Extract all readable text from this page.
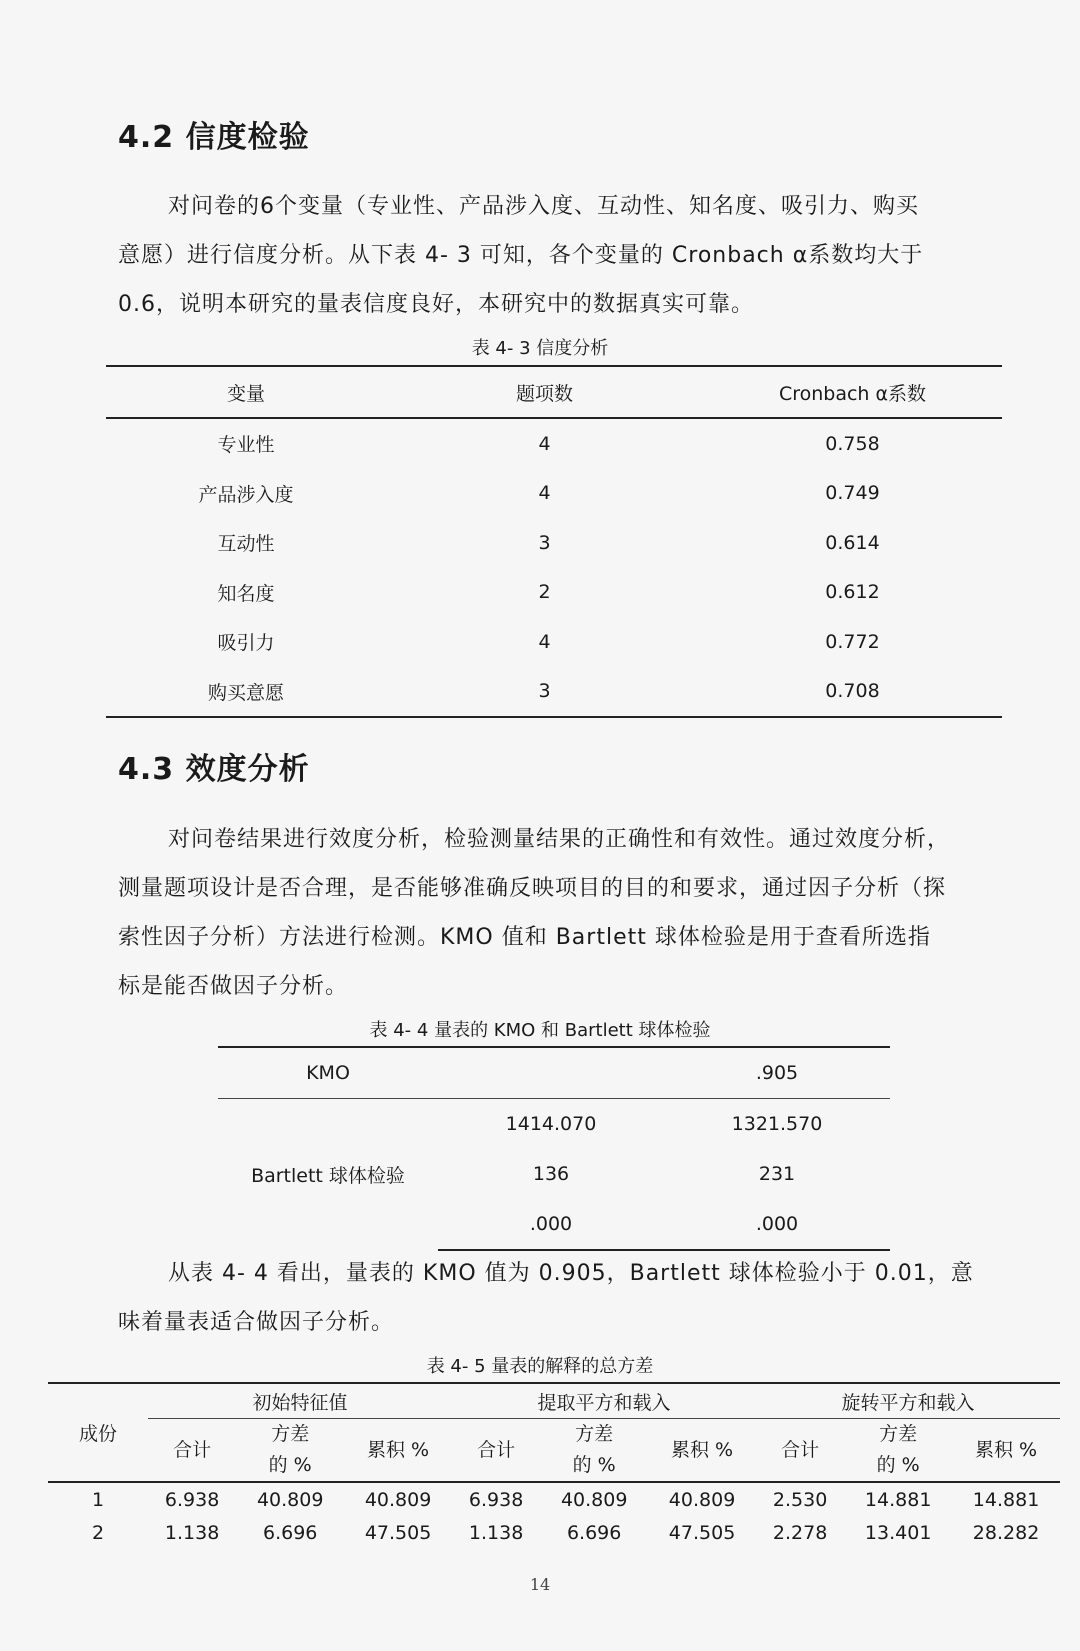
4.2 信度检验
对问卷的6个变量（专业性、产品涉入度、互动性、知名度、吸引力、购买
意愿）进行信度分析。从下表 4- 3 可知，各个变量的 Cronbach α系数均大于
0.6，说明本研究的量表信度良好，本研究中的数据真实可靠。

表 4- 3 信度分析

变量	题项数	Cronbach α系数
专业性	4	0.758
产品涉入度	4	0.749
互动性	3	0.614
知名度	2	0.612
吸引力	4	0.772
购买意愿	3	0.708
4.3 效度分析
对问卷结果进行效度分析，检验测量结果的正确性和有效性。通过效度分析，
测量题项设计是否合理，是否能够准确反映项目的目的和要求，通过因子分析（探
索性因子分析）方法进行检测。KMO 值和 Bartlett 球体检验是用于查看所选指
标是能否做因子分析。

表 4- 4 量表的 KMO 和 Bartlett 球体检验

KMO		.905
Bartlett 球体检验	1414.070	1321.570
	136	231
	.000	.000
从表 4- 4 看出，量表的 KMO 值为 0.905，Bartlett 球体检验小于 0.01，意
味着量表适合做因子分析。

表 4- 5 量表的解释的总方差

成份	初始特征值			提取平方和载入			旋转平方和载入		
	合计	方差
的 %	累积 %	合计	方差
的 %	累积 %	合计	方差
的 %	累积 %
1	6.938	40.809	40.809	6.938	40.809	40.809	2.530	14.881	14.881
2	1.138	6.696	47.505	1.138	6.696	47.505	2.278	13.401	28.282
14
